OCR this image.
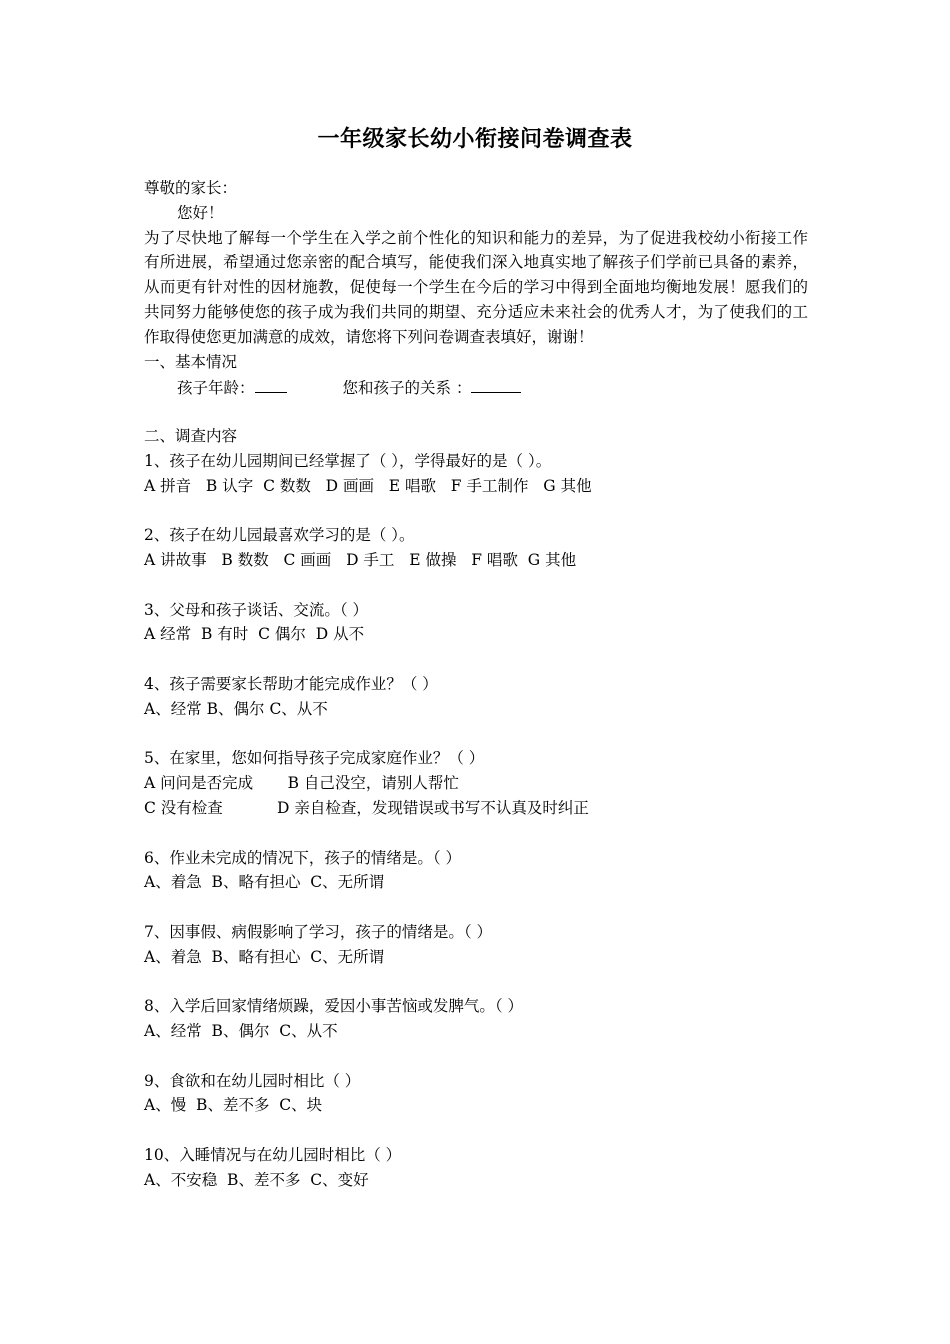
一年级家长幼小衔接问卷调查表
尊敬的家长：
您好！
为了尽快地了解每一个学生在入学之前个性化的知识和能力的差异，为了促进我校幼小衔接工作有所进展，希望通过您亲密的配合填写，能使我们深入地真实地了解孩子们学前已具备的素养，从而更有针对性的因材施教，促使每一个学生在今后的学习中得到全面地均衡地发展！愿我们的共同努力能够使您的孩子成为我们共同的期望、充分适应未来社会的优秀人才，为了使我们的工作取得使您更加满意的成效，请您将下列问卷调查表填好，谢谢！
一、基本情况
孩子年龄：	您和孩子的关系 ：
二、调查内容
1、孩子在幼儿园期间已经掌握了（ ），学得最好的是（ ）。
A 拼音   B 认字  C 数数   D 画画   E 唱歌   F 手工制作   G 其他
2、孩子在幼儿园最喜欢学习的是（ ）。
A 讲故事   B 数数   C 画画   D 手工   E 做操   F 唱歌  G 其他
3、父母和孩子谈话、交流。（ ）
A 经常  B 有时  C 偶尔  D 从不
4、孩子需要家长帮助才能完成作业？（ ）
A、经常 B、偶尔 C、从不
5、在家里，您如何指导孩子完成家庭作业？（ ）
A 问问是否完成       B 自己没空，请别人帮忙
C 没有检查           D 亲自检查，发现错误或书写不认真及时纠正
6、作业未完成的情况下，孩子的情绪是。（ ）
A、着急  B、略有担心  C、无所谓
7、因事假、病假影响了学习，孩子的情绪是。（ ）
A、着急  B、略有担心  C、无所谓
8、入学后回家情绪烦躁，爱因小事苦恼或发脾气。（ ）
A、经常  B、偶尔  C、从不
9、食欲和在幼儿园时相比（ ）
A、慢  B、差不多  C、块
10、入睡情况与在幼儿园时相比（ ）
A、不安稳  B、差不多  C、变好
